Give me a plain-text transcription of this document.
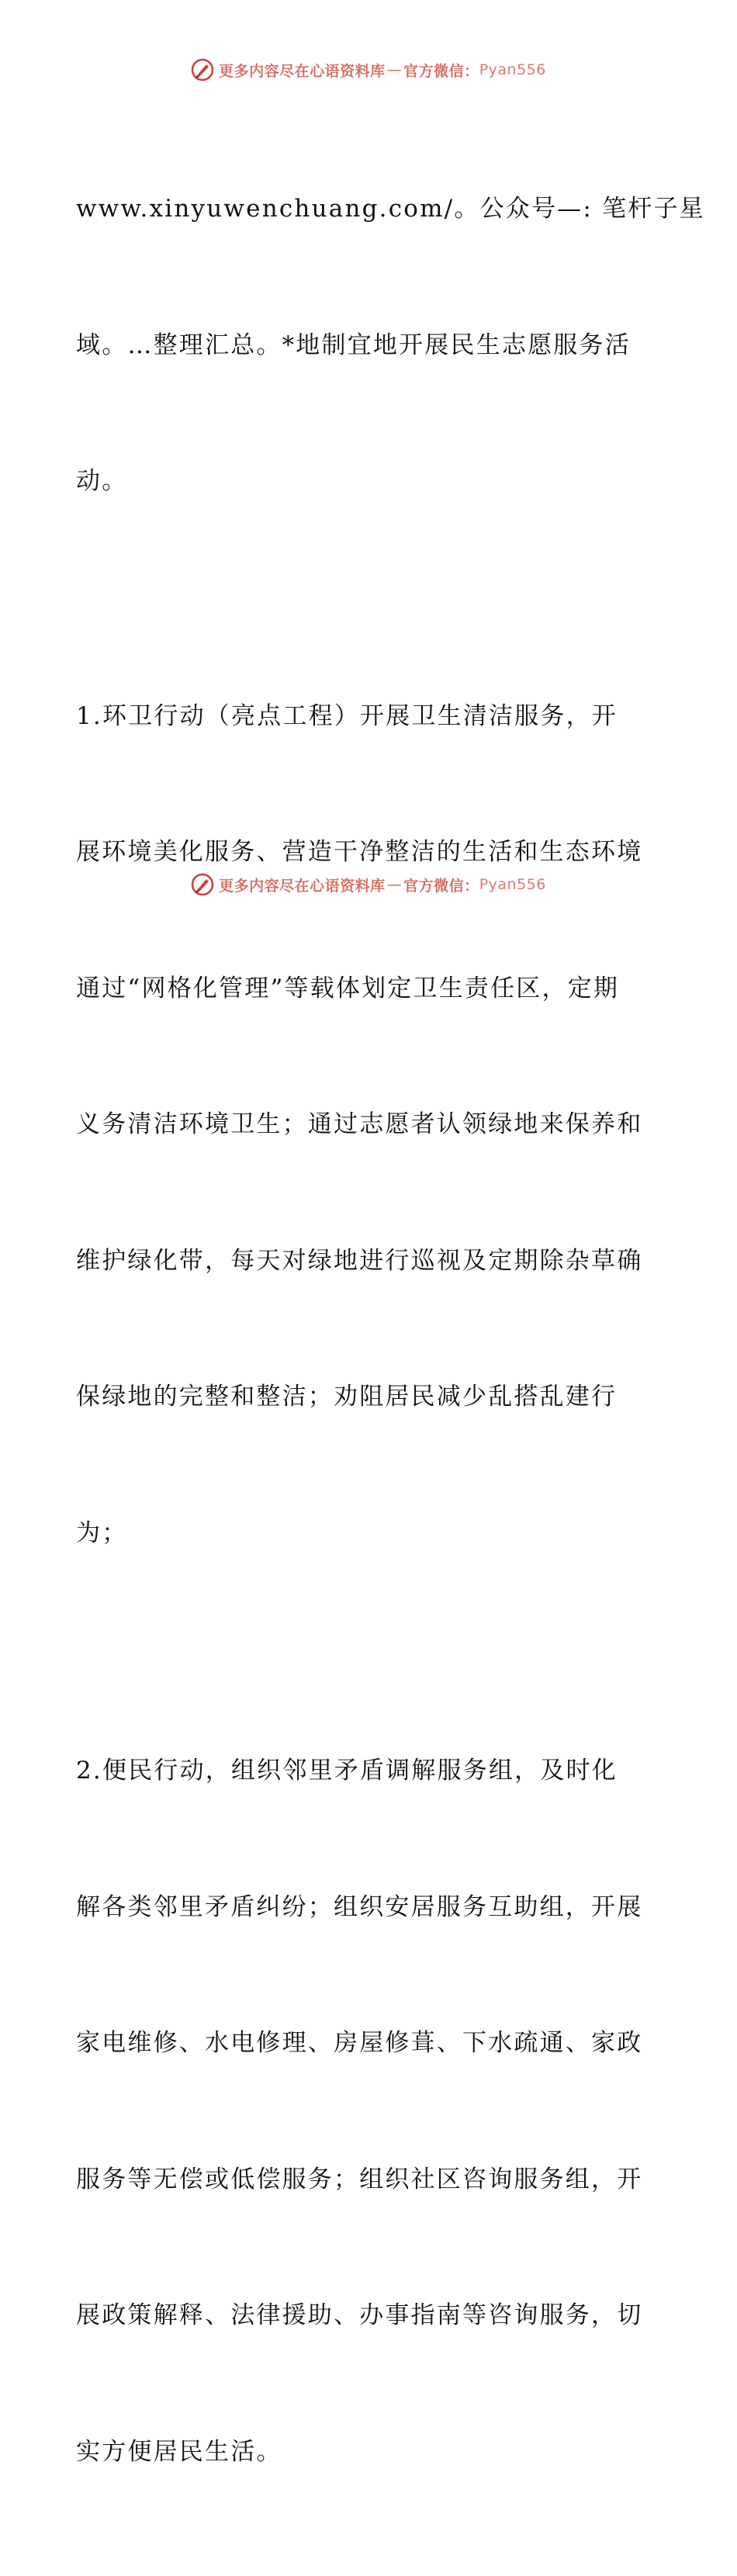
更多内容尽在心语资料库 — 官方微信： Pyan556

www.xinyuwenchuang.com/。公众号—: 笔杆子星

域。…整理汇总。*地制宜地开展民生志愿服务活

动。

1.环卫行动（亮点工程）开展卫生清洁服务，开

展环境美化服务、营造干净整洁的生活和生态环境

通过“网格化管理”等载体划定卫生责任区，定期

义务清洁环境卫生；通过志愿者认领绿地来保养和

维护绿化带，每天对绿地进行巡视及定期除杂草确

保绿地的完整和整洁；劝阻居民减少乱搭乱建行

为；

2.便民行动，组织邻里矛盾调解服务组，及时化

解各类邻里矛盾纠纷；组织安居服务互助组，开展

家电维修、水电修理、房屋修葺、下水疏通、家政

服务等无偿或低偿服务；组织社区咨询服务组，开

展政策解释、法律援助、办事指南等咨询服务，切

实方便居民生活。

更多内容尽在心语资料库 — 官方微信： Pyan556
